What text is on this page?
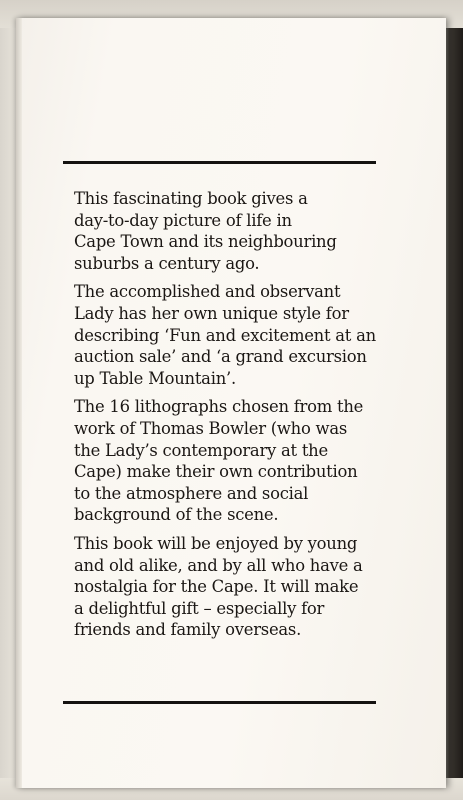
This fascinating book gives a
day-to-day picture of life in
Cape Town and its neighbouring
suburbs a century ago.

The accomplished and observant
Lady has her own unique style for
describing ‘Fun and excitement at an
auction sale’ and ‘a grand excursion
up Table Mountain’.

The 16 lithographs chosen from the
work of Thomas Bowler (who was
the Lady’s contemporary at the
Cape) make their own contribution
to the atmosphere and social
background of the scene.

This book will be enjoyed by young
and old alike, and by all who have a
nostalgia for the Cape. It will make
a delightful gift – especially for
friends and family overseas.
